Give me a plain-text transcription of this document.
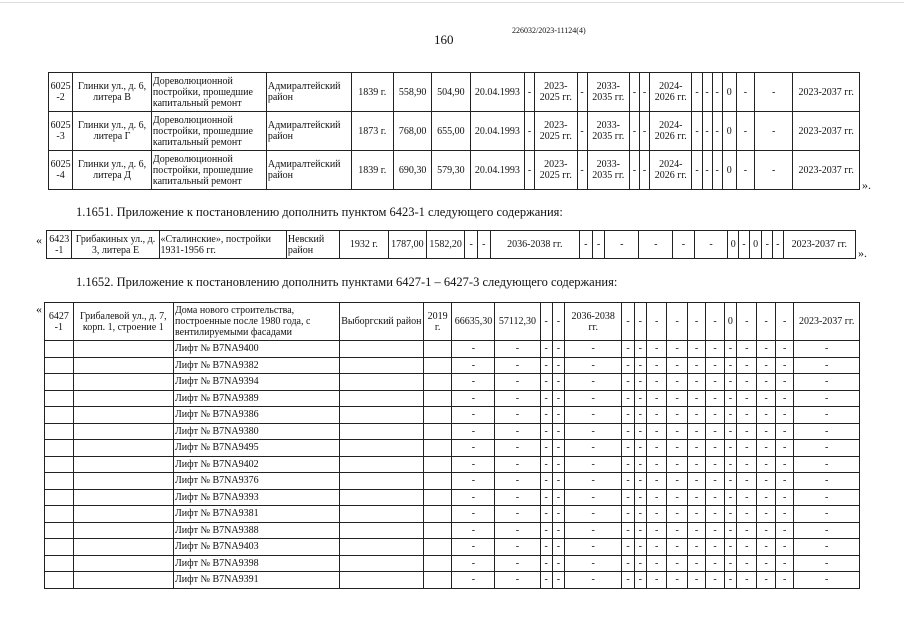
160
226032/2023-11124(4)
6025 -2	Глинки ул., д. 6, литера В	Дореволюционной постройки, прошедшие капитальный ремонт	Адмиралтейский район	1839 г.	558,90	504,90	20.04.1993	-	2023-2025 гг.	-	2033-2035 гг.	-	-	2024-2026 гг.	-	-	-	0	-	-	2023-2037 гг.
6025 -3	Глинки ул., д. 6, литера Г	Дореволюционной постройки, прошедшие капитальный ремонт	Адмиралтейский район	1873 г.	768,00	655,00	20.04.1993	-	2023-2025 гг.	-	2033-2035 гг.	-	-	2024-2026 гг.	-	-	-	0	-	-	2023-2037 гг.
6025 -4	Глинки ул., д. 6, литера Д	Дореволюционной постройки, прошедшие капитальный ремонт	Адмиралтейский район	1839 г.	690,30	579,30	20.04.1993	-	2023-2025 гг.	-	2033-2035 гг.	-	-	2024-2026 гг.	-	-	-	0	-	-	2023-2037 гг.
».
1.1651. Приложение к постановлению дополнить пунктом 6423-1 следующего содержания:
« 6423 -1	Грибакиных ул., д. 3, литера Е	«Сталинские», постройки 1931-1956 гг.	Невский район	1932 г.	1787,00	1582,20	-	-	2036-2038 гг.	-	-	-	-	-	-	0	-	0	-	-	2023-2037 гг.
».
1.1652. Приложение к постановлению дополнить пунктами 6427-1 – 6427-3 следующего содержания:
« 6427 -1	Грибалевой ул., д. 7, корп. 1, строение 1	Дома нового строительства, построенные после 1980 года, с вентилируемыми фасадами	Выборгский район	2019 г.	66635,30	57112,30	-	-	2036-2038 гг.	-	-	-	-	-	-	0	-	-	-	2023-2037 гг.
		Лифт № B7NA9400			-	-	-	-	-	-	-	-	-	-	-	-	-	-	-	-
		Лифт № B7NA9382			-	-	-	-	-	-	-	-	-	-	-	-	-	-	-	-
		Лифт № B7NA9394			-	-	-	-	-	-	-	-	-	-	-	-	-	-	-	-
		Лифт № B7NA9389			-	-	-	-	-	-	-	-	-	-	-	-	-	-	-	-
		Лифт № B7NA9386			-	-	-	-	-	-	-	-	-	-	-	-	-	-	-	-
		Лифт № B7NA9380			-	-	-	-	-	-	-	-	-	-	-	-	-	-	-	-
		Лифт № B7NA9495			-	-	-	-	-	-	-	-	-	-	-	-	-	-	-	-
		Лифт № B7NA9402			-	-	-	-	-	-	-	-	-	-	-	-	-	-	-	-
		Лифт № B7NA9376			-	-	-	-	-	-	-	-	-	-	-	-	-	-	-	-
		Лифт № B7NA9393			-	-	-	-	-	-	-	-	-	-	-	-	-	-	-	-
		Лифт № B7NA9381			-	-	-	-	-	-	-	-	-	-	-	-	-	-	-	-
		Лифт № B7NA9388			-	-	-	-	-	-	-	-	-	-	-	-	-	-	-	-
		Лифт № B7NA9403			-	-	-	-	-	-	-	-	-	-	-	-	-	-	-	-
		Лифт № B7NA9398			-	-	-	-	-	-	-	-	-	-	-	-	-	-	-	-
		Лифт № B7NA9391			-	-	-	-	-	-	-	-	-	-	-	-	-	-	-	-
